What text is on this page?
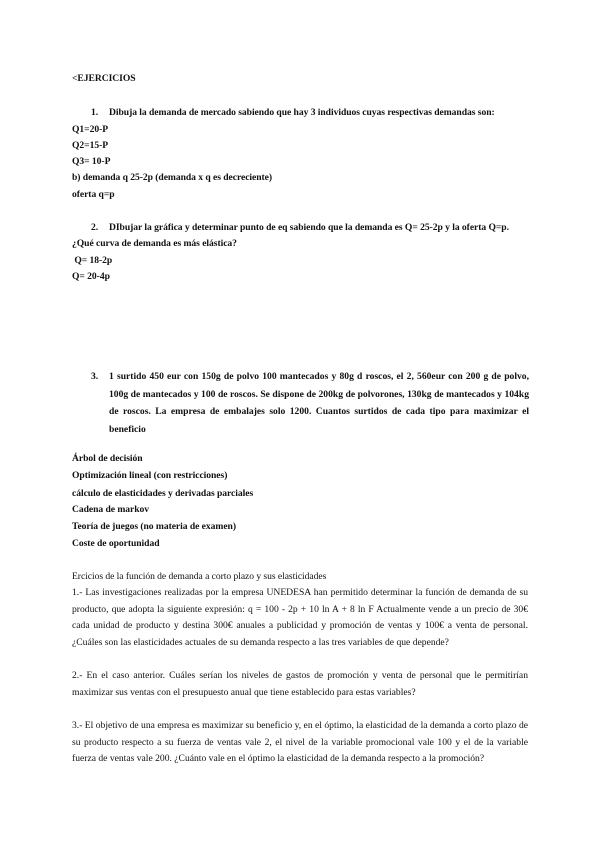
<EJERCICIOS
1. Dibuja la demanda de mercado sabiendo que hay 3 individuos cuyas respectivas demandas son:
Q1=20-P
Q2=15-P
Q3= 10-P
b) demanda q 25-2p (demanda x q es decreciente)
oferta q=p
2. DIbujar la gráfica y determinar punto de eq sabiendo que la demanda es Q= 25-2p y la oferta Q=p.
¿Qué curva de demanda es más elástica?
Q= 18-2p
Q= 20-4p
3. 1 surtido 450 eur con 150g de polvo 100 mantecados y 80g d roscos, el 2, 560eur con 200 g de polvo, 100g de mantecados y 100 de roscos. Se dispone de 200kg de polvorones, 130kg de mantecados y 104kg de roscos. La empresa de embalajes solo 1200. Cuantos surtidos de cada tipo para maximizar el beneficio
Árbol de decisión
Optimización lineal (con restricciones)
cálculo de elasticidades y derivadas parciales
Cadena de markov
Teoría de juegos (no materia de examen)
Coste de oportunidad
Ercicios de la función de demanda a corto plazo y sus elasticidades
1.- Las investigaciones realizadas por la empresa UNEDESA han permitido determinar la función de demanda de su producto, que adopta la siguiente expresión: q = 100 - 2p + 10 ln A + 8 ln F Actualmente vende a un precio de 30€ cada unidad de producto y destina 300€ anuales a publicidad y promoción de ventas y 100€ a venta de personal. ¿Cuáles son las elasticidades actuales de su demanda respecto a las tres variables de que depende?
2.- En el caso anterior. Cuáles serían los niveles de gastos de promoción y venta de personal que le permitirían maximizar sus ventas con el presupuesto anual que tiene establecido para estas variables?
3.- El objetivo de una empresa es maximizar su beneficio y, en el óptimo, la elasticidad de la demanda a corto plazo de su producto respecto a su fuerza de ventas vale 2, el nivel de la variable promocional vale 100 y el de la variable fuerza de ventas vale 200. ¿Cuánto vale en el óptimo la elasticidad de la demanda respecto a la promoción?
